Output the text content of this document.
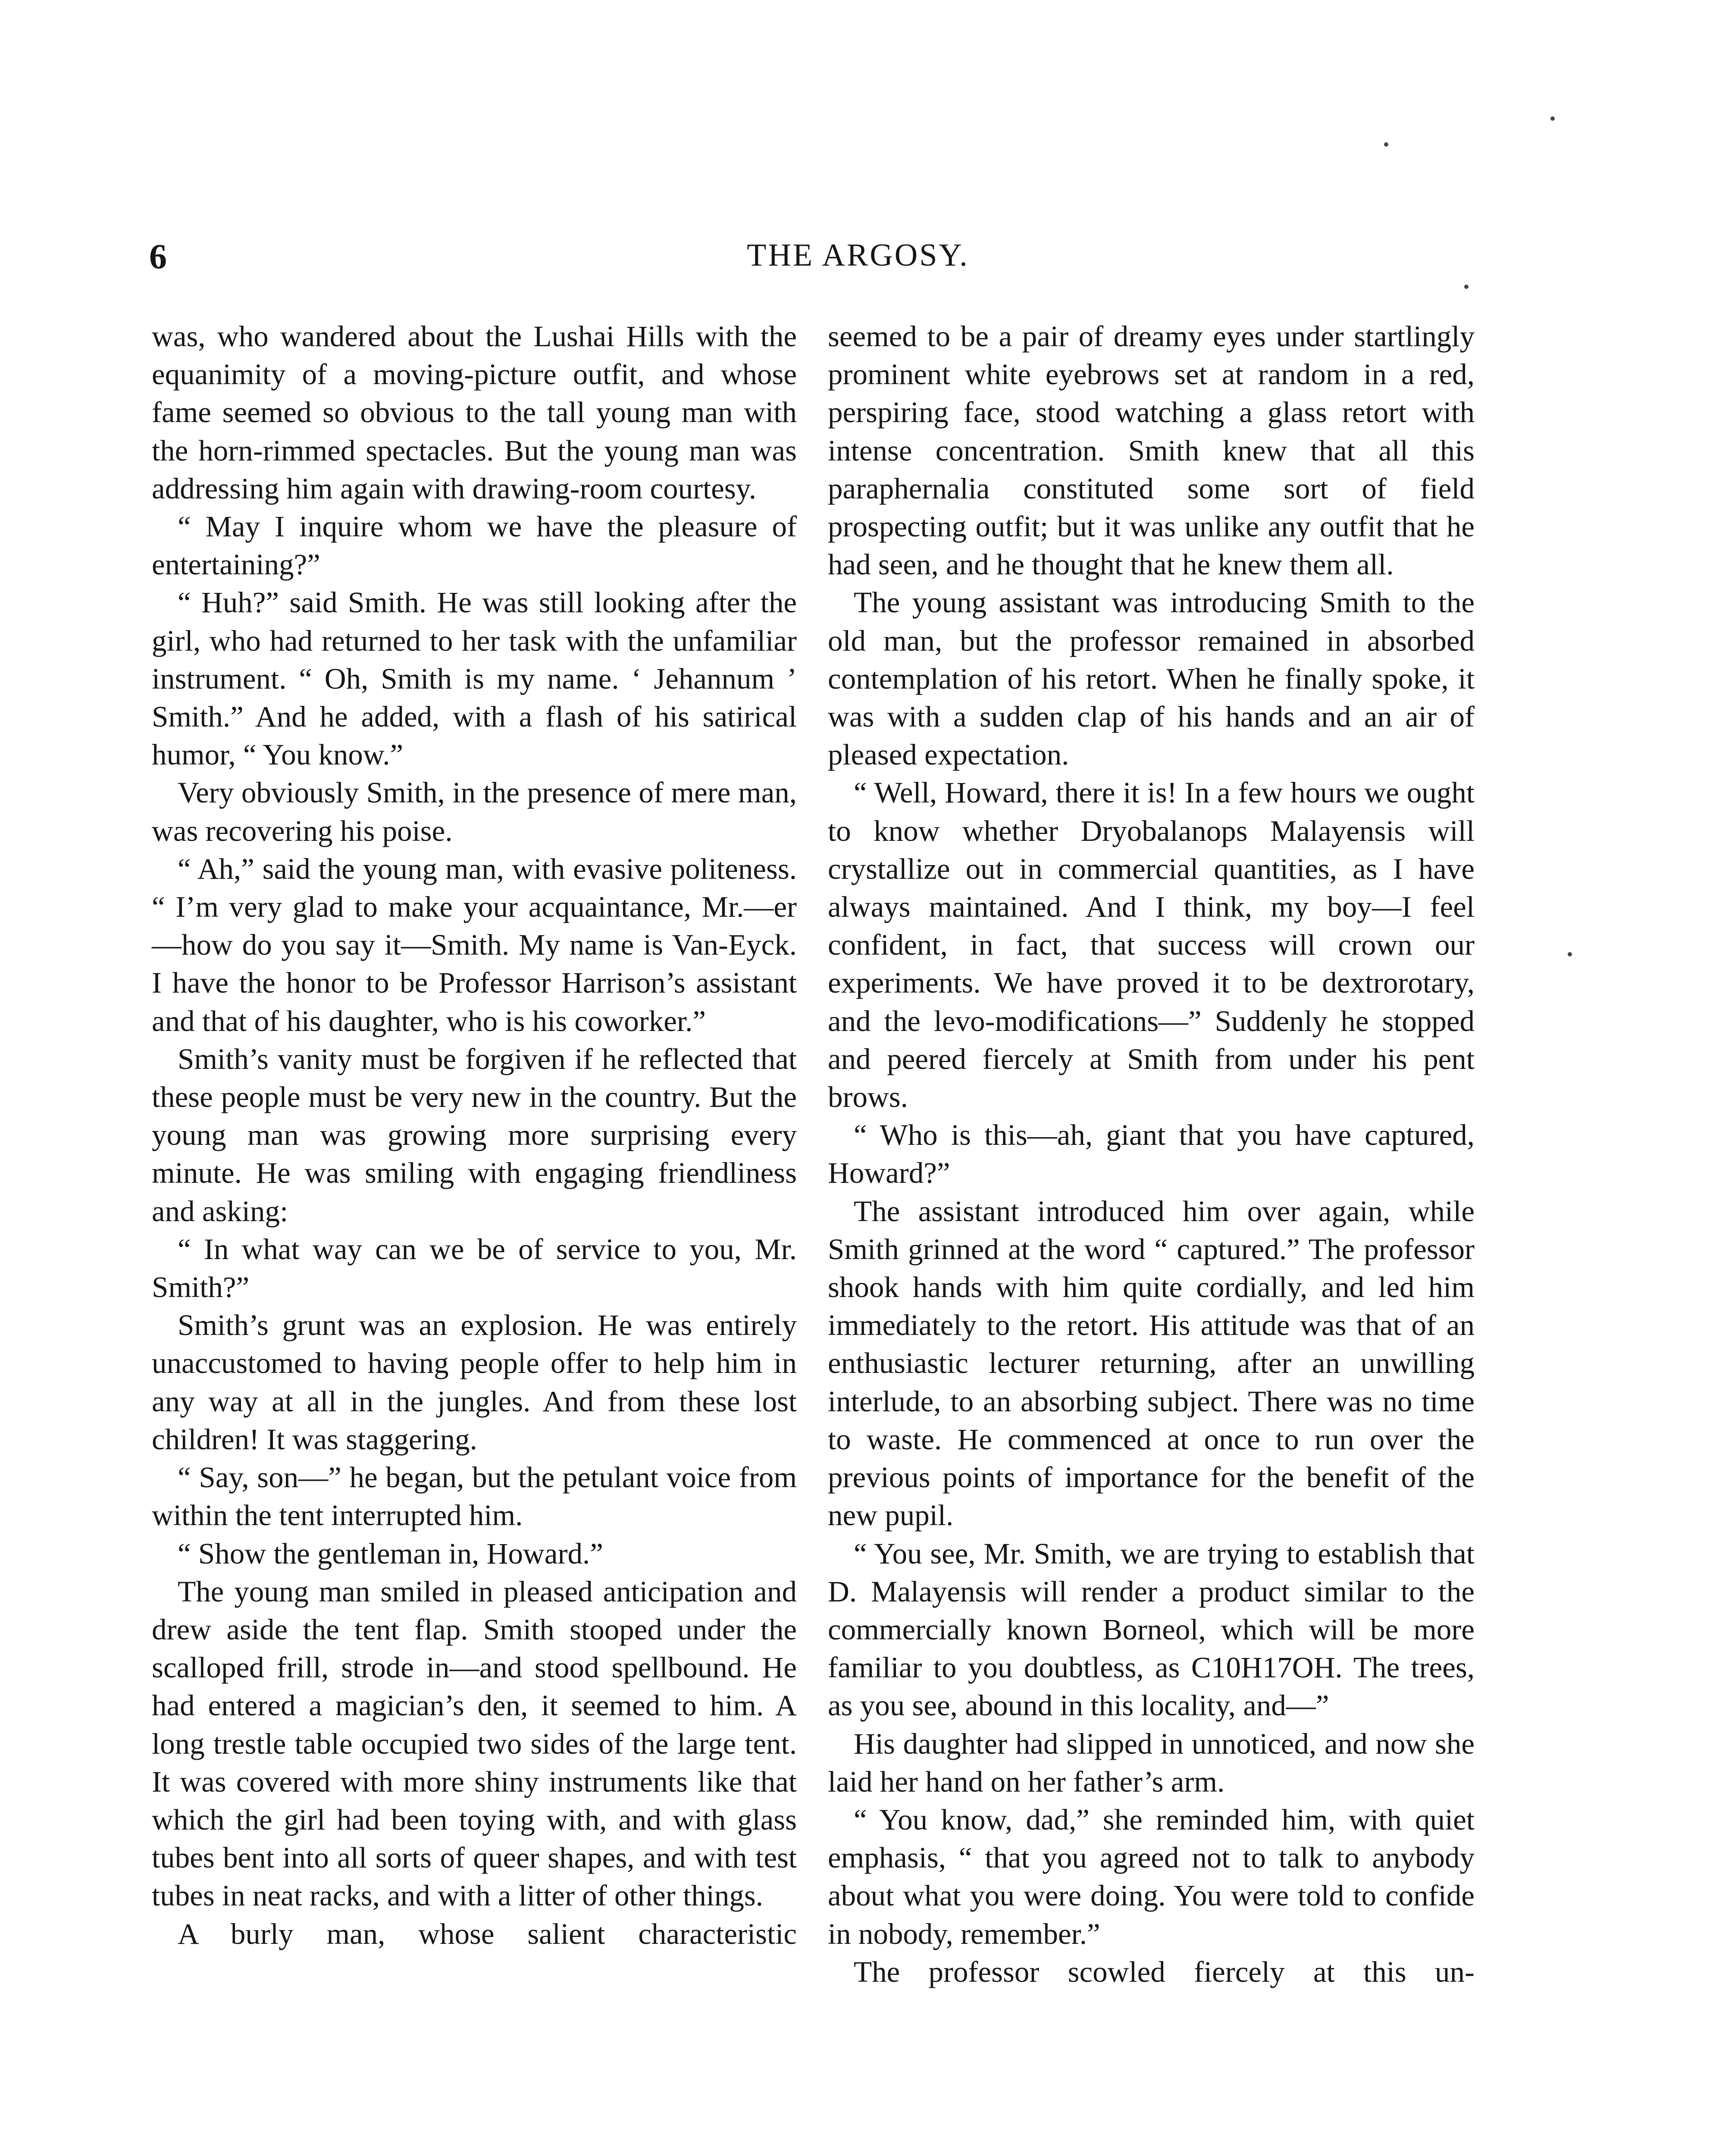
6	THE ARGOSY.

was, who wandered about the Lushai Hills with the equanimity of a moving-picture outfit, and whose fame seemed so obvious to the tall young man with the horn-rimmed spectacles. But the young man was addressing him again with drawing-room courtesy.

“ May I inquire whom we have the pleasure of entertaining?”

“ Huh?” said Smith. He was still looking after the girl, who had returned to her task with the unfamiliar instrument. “ Oh, Smith is my name. ‘ Jehannum ’ Smith.” And he added, with a flash of his satirical humor, “ You know.”

Very obviously Smith, in the presence of mere man, was recovering his poise.

“ Ah,” said the young man, with evasive politeness. “ I’m very glad to make your acquaintance, Mr.—er—how do you say it—Smith. My name is Van-Eyck. I have the honor to be Professor Harrison’s assistant and that of his daughter, who is his coworker.”

Smith’s vanity must be forgiven if he reflected that these people must be very new in the country. But the young man was growing more surprising every minute. He was smiling with engaging friendliness and asking:

“ In what way can we be of service to you, Mr. Smith?”

Smith’s grunt was an explosion. He was entirely unaccustomed to having people offer to help him in any way at all in the jungles. And from these lost children! It was staggering.

“ Say, son—” he began, but the petulant voice from within the tent interrupted him.

“ Show the gentleman in, Howard.”

The young man smiled in pleased anticipation and drew aside the tent flap. Smith stooped under the scalloped frill, strode in—and stood spellbound. He had entered a magician’s den, it seemed to him. A long trestle table occupied two sides of the large tent. It was covered with more shiny instruments like that which the girl had been toying with, and with glass tubes bent into all sorts of queer shapes, and with test tubes in neat racks, and with a litter of other things.

A burly man, whose salient characteristic

seemed to be a pair of dreamy eyes under startlingly prominent white eyebrows set at random in a red, perspiring face, stood watching a glass retort with intense concentration. Smith knew that all this paraphernalia constituted some sort of field prospecting outfit; but it was unlike any outfit that he had seen, and he thought that he knew them all.

The young assistant was introducing Smith to the old man, but the professor remained in absorbed contemplation of his retort. When he finally spoke, it was with a sudden clap of his hands and an air of pleased expectation.

“ Well, Howard, there it is! In a few hours we ought to know whether Dryobalanops Malayensis will crystallize out in commercial quantities, as I have always maintained. And I think, my boy—I feel confident, in fact, that success will crown our experiments. We have proved it to be dextrorotary, and the levo-modifications—” Suddenly he stopped and peered fiercely at Smith from under his pent brows.

“ Who is this—ah, giant that you have captured, Howard?”

The assistant introduced him over again, while Smith grinned at the word “ captured.” The professor shook hands with him quite cordially, and led him immediately to the retort. His attitude was that of an enthusiastic lecturer returning, after an unwilling interlude, to an absorbing subject. There was no time to waste. He commenced at once to run over the previous points of importance for the benefit of the new pupil.

“ You see, Mr. Smith, we are trying to establish that D. Malayensis will render a product similar to the commercially known Borneol, which will be more familiar to you doubtless, as C10H17OH. The trees, as you see, abound in this locality, and—”

His daughter had slipped in unnoticed, and now she laid her hand on her father’s arm.

“ You know, dad,” she reminded him, with quiet emphasis, “ that you agreed not to talk to anybody about what you were doing. You were told to confide in nobody, remember.”

The professor scowled fiercely at this un-
